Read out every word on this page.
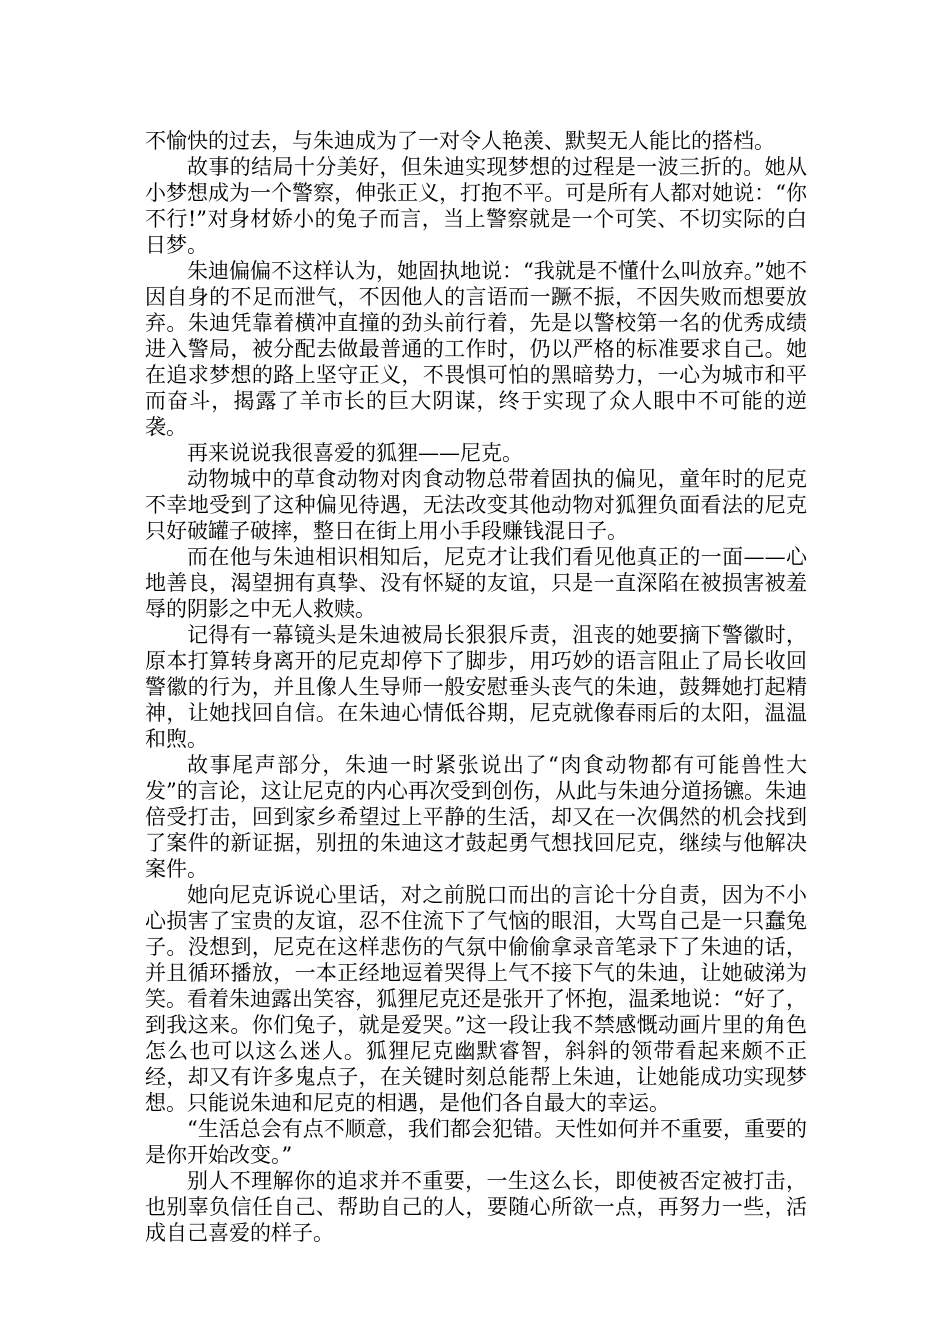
不愉快的过去，与朱迪成为了一对令人艳羡、默契无人能比的搭档。

故事的结局十分美好，但朱迪实现梦想的过程是一波三折的。她从小梦想成为一个警察，伸张正义，打抱不平。可是所有人都对她说：“你不行!”对身材娇小的兔子而言，当上警察就是一个可笑、不切实际的白日梦。

朱迪偏偏不这样认为，她固执地说：“我就是不懂什么叫放弃。”她不因自身的不足而泄气，不因他人的言语而一蹶不振，不因失败而想要放弃。朱迪凭靠着横冲直撞的劲头前行着，先是以警校第一名的优秀成绩进入警局，被分配去做最普通的工作时，仍以严格的标准要求自己。她在追求梦想的路上坚守正义，不畏惧可怕的黑暗势力，一心为城市和平而奋斗，揭露了羊市长的巨大阴谋，终于实现了众人眼中不可能的逆袭。

再来说说我很喜爱的狐狸——尼克。

动物城中的草食动物对肉食动物总带着固执的偏见，童年时的尼克不幸地受到了这种偏见待遇，无法改变其他动物对狐狸负面看法的尼克只好破罐子破摔，整日在街上用小手段赚钱混日子。

而在他与朱迪相识相知后，尼克才让我们看见他真正的一面——心地善良，渴望拥有真挚、没有怀疑的友谊，只是一直深陷在被损害被羞辱的阴影之中无人救赎。

记得有一幕镜头是朱迪被局长狠狠斥责，沮丧的她要摘下警徽时，原本打算转身离开的尼克却停下了脚步，用巧妙的语言阻止了局长收回警徽的行为，并且像人生导师一般安慰垂头丧气的朱迪，鼓舞她打起精神，让她找回自信。在朱迪心情低谷期，尼克就像春雨后的太阳，温温和煦。

故事尾声部分，朱迪一时紧张说出了“肉食动物都有可能兽性大发”的言论，这让尼克的内心再次受到创伤，从此与朱迪分道扬镳。朱迪倍受打击，回到家乡希望过上平静的生活，却又在一次偶然的机会找到了案件的新证据，别扭的朱迪这才鼓起勇气想找回尼克，继续与他解决案件。

她向尼克诉说心里话，对之前脱口而出的言论十分自责，因为不小心损害了宝贵的友谊，忍不住流下了气恼的眼泪，大骂自己是一只蠢兔子。没想到，尼克在这样悲伤的气氛中偷偷拿录音笔录下了朱迪的话，并且循环播放，一本正经地逗着哭得上气不接下气的朱迪，让她破涕为笑。看着朱迪露出笑容，狐狸尼克还是张开了怀抱，温柔地说：“好了，到我这来。你们兔子，就是爱哭。”这一段让我不禁感慨动画片里的角色怎么也可以这么迷人。狐狸尼克幽默睿智，斜斜的领带看起来颇不正经，却又有许多鬼点子，在关键时刻总能帮上朱迪，让她能成功实现梦想。只能说朱迪和尼克的相遇，是他们各自最大的幸运。

“生活总会有点不顺意，我们都会犯错。天性如何并不重要，重要的是你开始改变。”

别人不理解你的追求并不重要，一生这么长，即使被否定被打击，也别辜负信任自己、帮助自己的人，要随心所欲一点，再努力一些，活成自己喜爱的样子。
